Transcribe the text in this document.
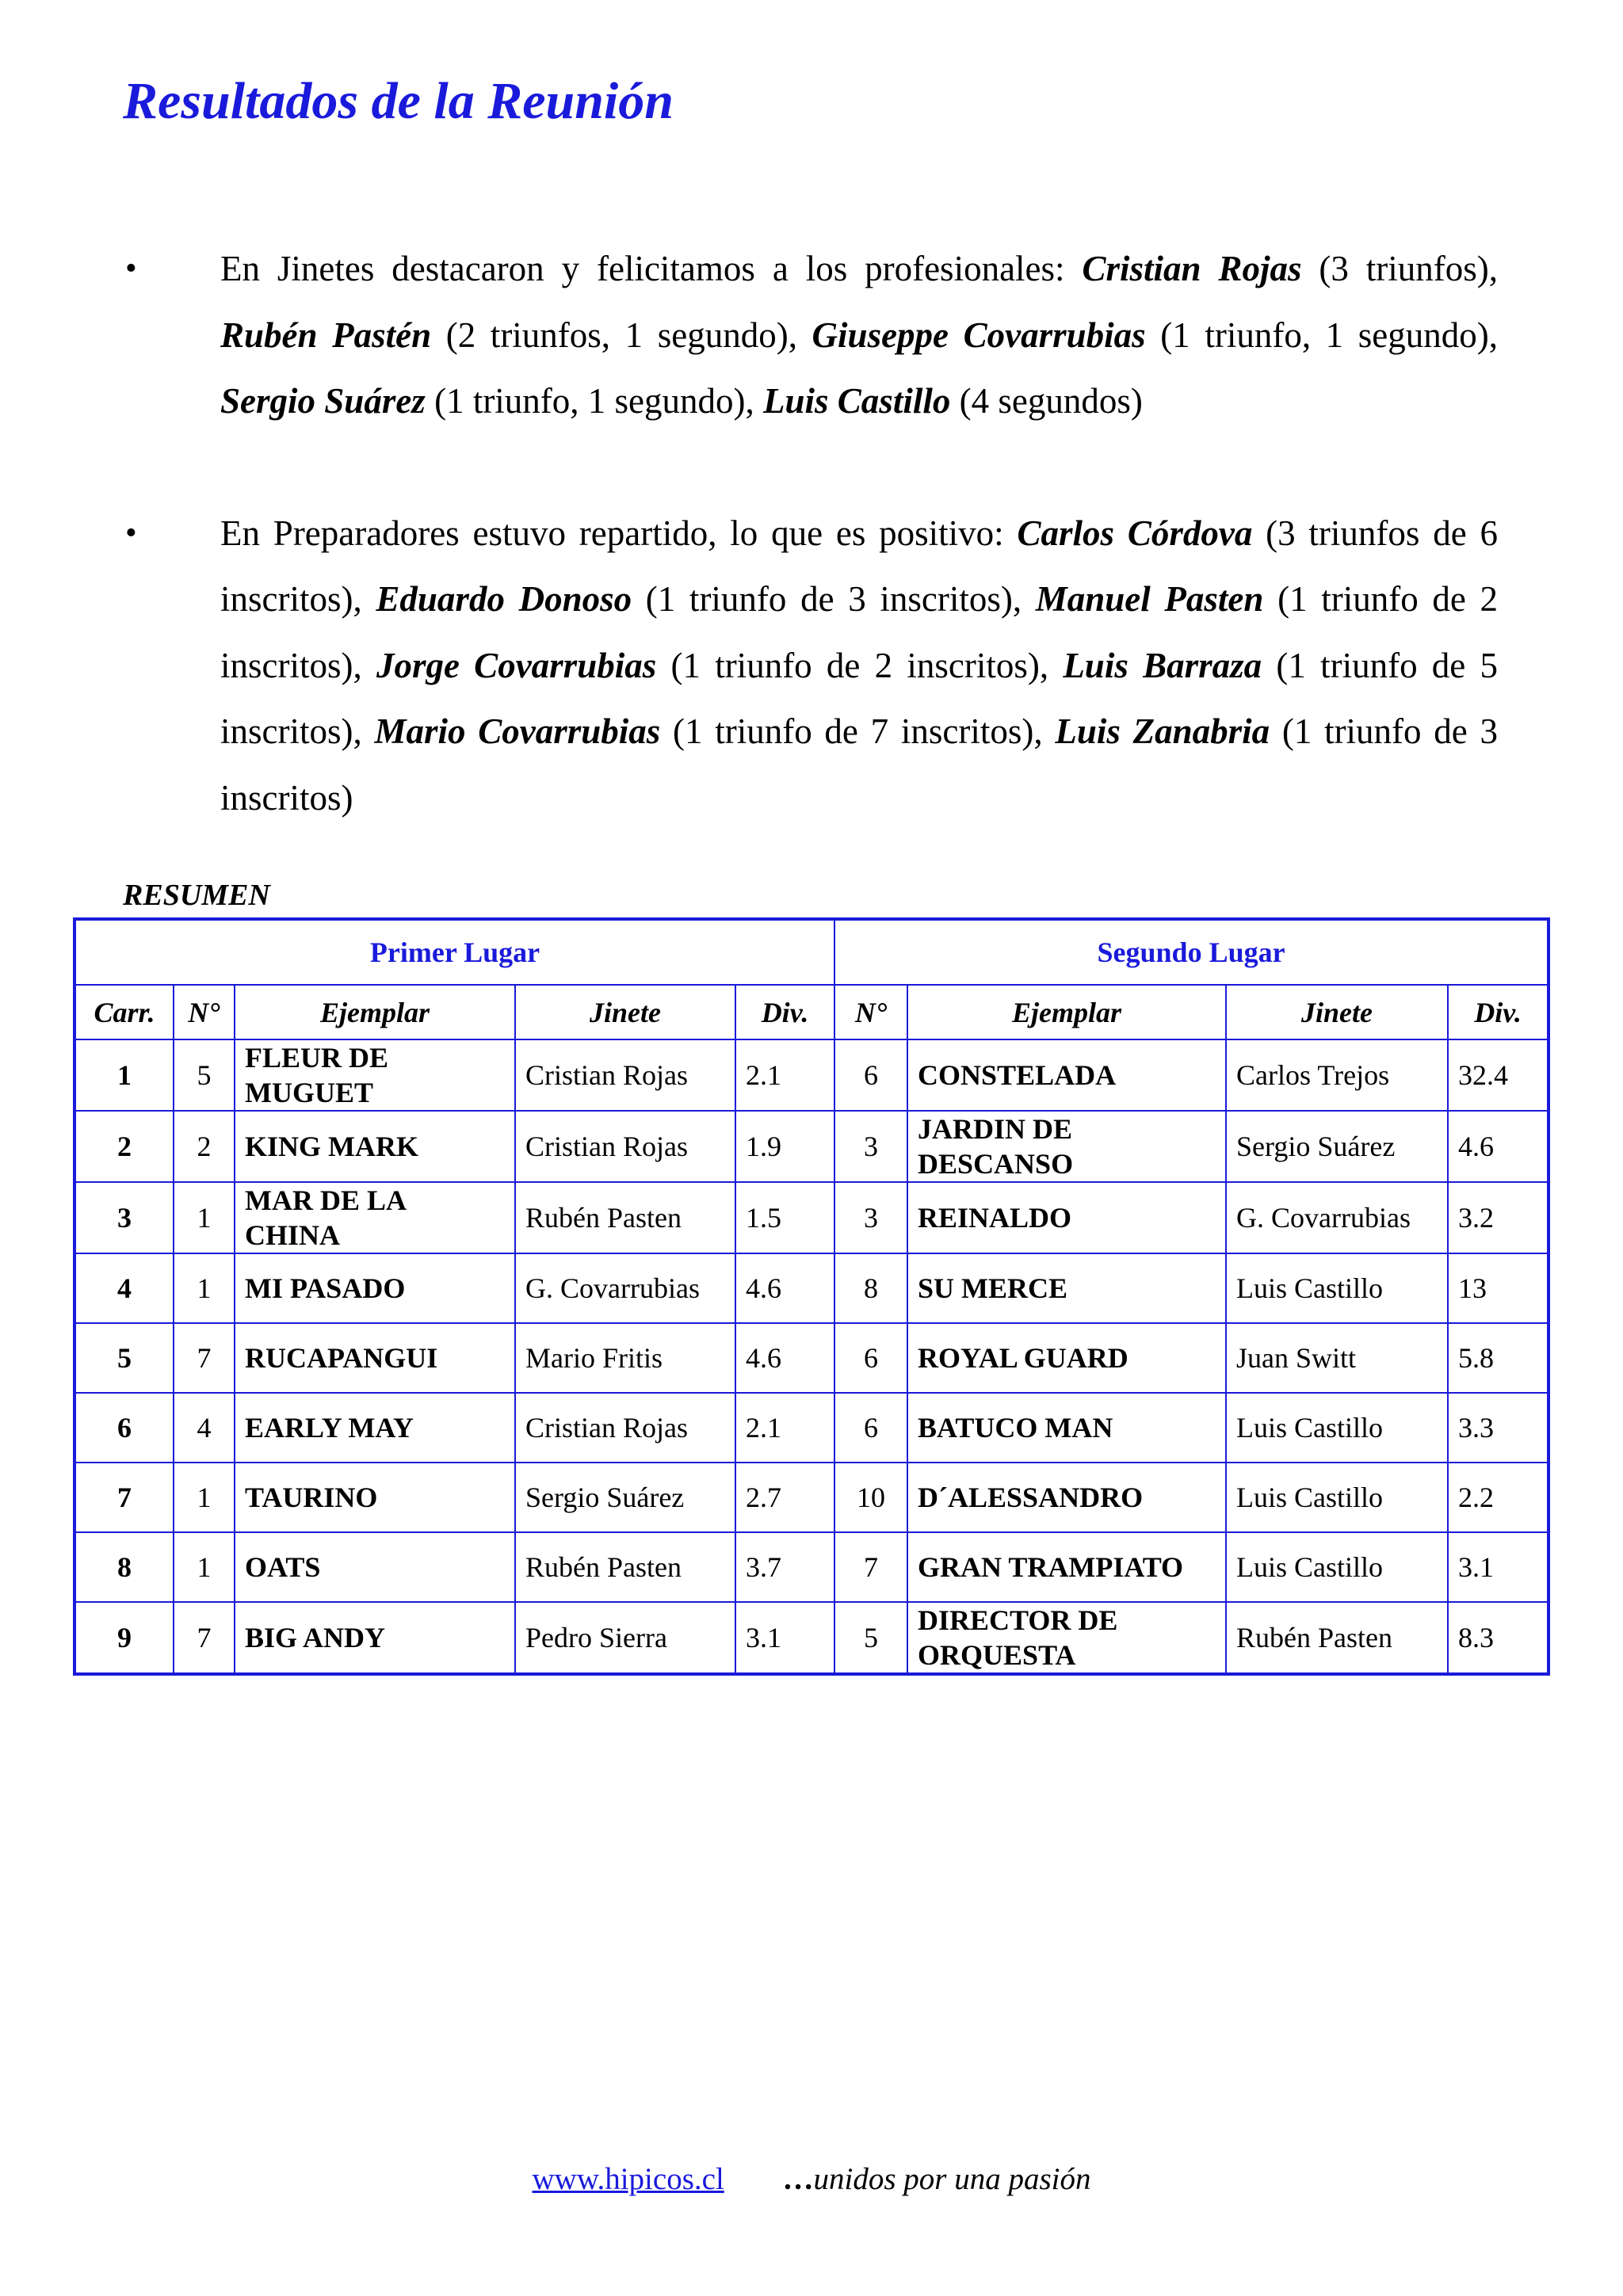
Resultados de la Reunión
• En Jinetes destacaron y felicitamos a los profesionales: Cristian Rojas (3 triunfos), Rubén Pastén (2 triunfos, 1 segundo), Giuseppe Covarrubias (1 triunfo, 1 segundo), Sergio Suárez (1 triunfo, 1 segundo), Luis Castillo (4 segundos)
• En Preparadores estuvo repartido, lo que es positivo: Carlos Córdova (3 triunfos de 6 inscritos), Eduardo Donoso (1 triunfo de 3 inscritos), Manuel Pasten (1 triunfo de 2 inscritos), Jorge Covarrubias (1 triunfo de 2 inscritos), Luis Barraza (1 triunfo de 5 inscritos), Mario Covarrubias (1 triunfo de 7 inscritos), Luis Zanabria (1 triunfo de 3 inscritos)

RESUMEN

Primer Lugar					Segundo Lugar			
Carr.	N°	Ejemplar	Jinete	Div.	N°	Ejemplar	Jinete	Div.
1	5	FLEUR DE MUGUET	Cristian Rojas	2.1	6	CONSTELADA	Carlos Trejos	32.4
2	2	KING MARK	Cristian Rojas	1.9	3	JARDIN DE DESCANSO	Sergio Suárez	4.6
3	1	MAR DE LA CHINA	Rubén Pasten	1.5	3	REINALDO	G. Covarrubias	3.2
4	1	MI PASADO	G. Covarrubias	4.6	8	SU MERCE	Luis Castillo	13
5	7	RUCAPANGUI	Mario Fritis	4.6	6	ROYAL GUARD	Juan Switt	5.8
6	4	EARLY MAY	Cristian Rojas	2.1	6	BATUCO MAN	Luis Castillo	3.3
7	1	TAURINO	Sergio Suárez	2.7	10	D´ALESSANDRO	Luis Castillo	2.2
8	1	OATS	Rubén Pasten	3.7	7	GRAN TRAMPIATO	Luis Castillo	3.1
9	7	BIG ANDY	Pedro Sierra	3.1	5	DIRECTOR DE ORQUESTA	Rubén Pasten	8.3
www.hipicos.cl …unidos por una pasión
